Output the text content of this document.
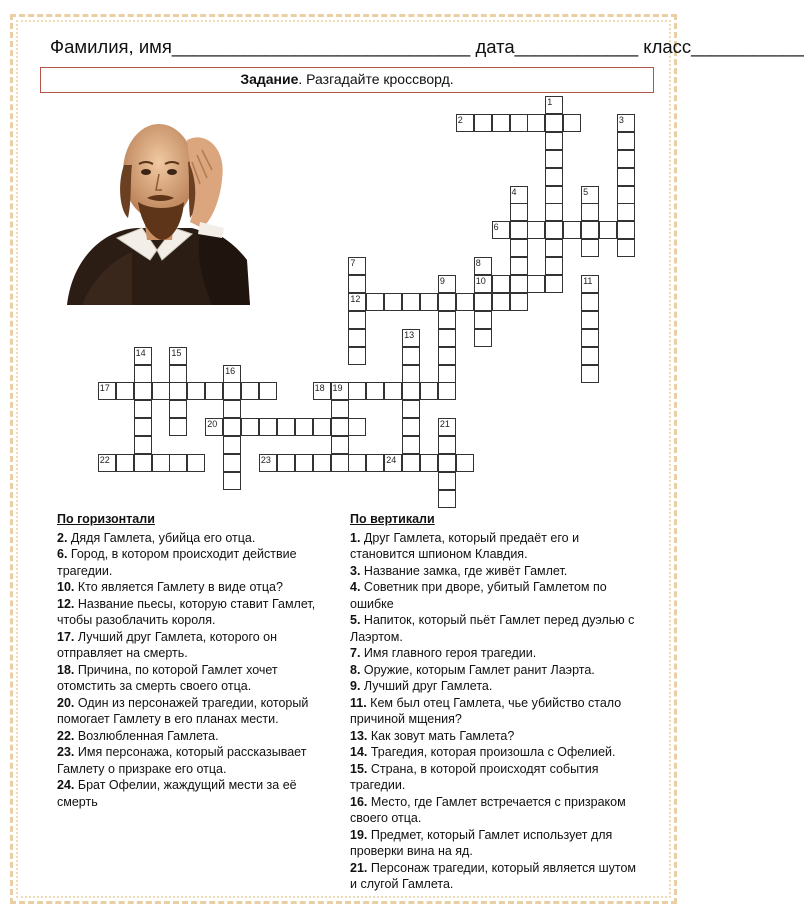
Фамилия, имя_____________________________ дата____________ класс___________
Задание. Разгадайте кроссворд.
1
2	3
4	5
6
7	8
9	10	11
12
13
14	15
16
17	18 19
20	21
22	23	24
По горизонтали

2. Дядя Гамлета, убийца его отца.

6. Город, в котором происходит действие трагедии.

10. Кто является Гамлету в виде отца?

12. Название пьесы, которую ставит Гамлет, чтобы разоблачить короля.

17. Лучший друг Гамлета, которого он отправляет на смерть.

18. Причина, по которой Гамлет хочет отомстить за смерть своего отца.

20. Один из персонажей трагедии, который помогает Гамлету в его планах мести.

22. Возлюбленная Гамлета.

23. Имя персонажа, который рассказывает Гамлету о призраке его отца.

24. Брат Офелии, жаждущий мести за её смерть

По вертикали

1. Друг Гамлета, который предаёт его и становится шпионом Клавдия.

3. Название замка, где живёт Гамлет.

4. Советник при дворе, убитый Гамлетом по ошибке

5. Напиток, который пьёт Гамлет перед дуэлью с Лаэртом.

7. Имя главного героя трагедии.

8. Оружие, которым Гамлет ранит Лаэрта.

9. Лучший друг Гамлета.

11. Кем был отец Гамлета, чье убийство стало причиной мщения?

13. Как зовут мать Гамлета?

14. Трагедия, которая произошла с Офелией.

15. Страна, в которой происходят события трагедии.

16. Место, где Гамлет встречается с призраком своего отца.

19. Предмет, который Гамлет использует для проверки вина на яд.

21. Персонаж трагедии, который является шутом и слугой Гамлета.
